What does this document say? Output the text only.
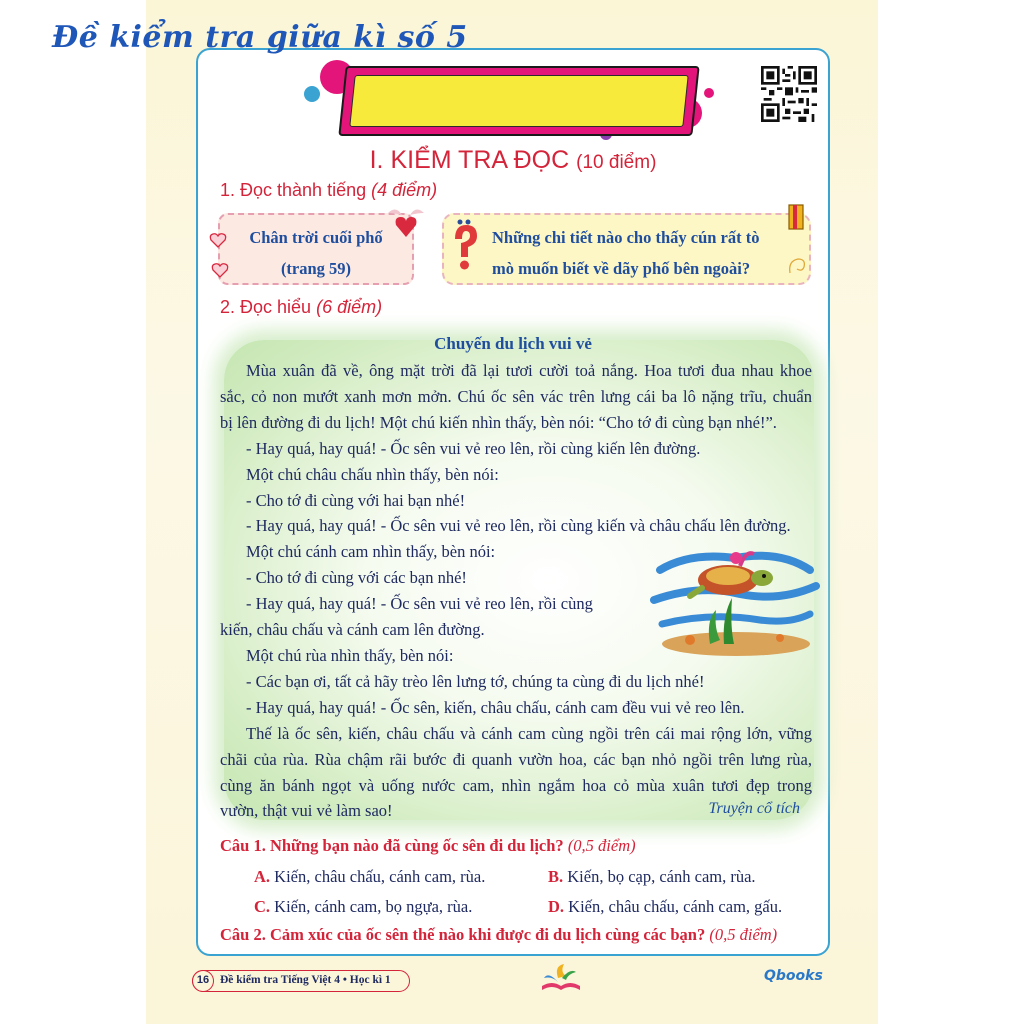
Đề kiểm tra giữa kì số 5
I. KIỂM TRA ĐỌC (10 điểm)
1. Đọc thành tiếng (4 điểm)
Chân trời cuối phố
(trang 59)
Những chi tiết nào cho thấy cún rất tò
mò muốn biết về dãy phố bên ngoài?
2. Đọc hiểu (6 điểm)
Chuyến du lịch vui vẻ

Mùa xuân đã về, ông mặt trời đã lại tươi cười toả nắng. Hoa tươi đua nhau khoe

sắc, cỏ non mướt xanh mơn mởn. Chú ốc sên vác trên lưng cái ba lô nặng trĩu, chuẩn

bị lên đường đi du lịch! Một chú kiến nhìn thấy, bèn nói: “Cho tớ đi cùng bạn nhé!”.

- Hay quá, hay quá! - Ốc sên vui vẻ reo lên, rồi cùng kiến lên đường.

Một chú châu chấu nhìn thấy, bèn nói:

- Cho tớ đi cùng với hai bạn nhé!

- Hay quá, hay quá! - Ốc sên vui vẻ reo lên, rồi cùng kiến và châu chấu lên đường.

Một chú cánh cam nhìn thấy, bèn nói:

- Cho tớ đi cùng với các bạn nhé!

- Hay quá, hay quá! - Ốc sên vui vẻ reo lên, rồi cùng

kiến, châu chấu và cánh cam lên đường.

Một chú rùa nhìn thấy, bèn nói:

- Các bạn ơi, tất cả hãy trèo lên lưng tớ, chúng ta cùng đi du lịch nhé!

- Hay quá, hay quá! - Ốc sên, kiến, châu chấu, cánh cam đều vui vẻ reo lên.

Thế là ốc sên, kiến, châu chấu và cánh cam cùng ngồi trên cái mai rộng lớn, vững

chãi của rùa. Rùa chậm rãi bước đi quanh vườn hoa, các bạn nhỏ ngồi trên lưng rùa,

cùng ăn bánh ngọt và uống nước cam, nhìn ngắm hoa cỏ mùa xuân tươi đẹp trong

vườn, thật vui vẻ làm sao!	Truyện cổ tích
Câu 1. Những bạn nào đã cùng ốc sên đi du lịch? (0,5 điểm)
A. Kiến, châu chấu, cánh cam, rùa.	B. Kiến, bọ cạp, cánh cam, rùa.
C. Kiến, cánh cam, bọ ngựa, rùa.	D. Kiến, châu chấu, cánh cam, gấu.
Câu 2. Cảm xúc của ốc sên thế nào khi được đi du lịch cùng các bạn? (0,5 điểm)
16 Đề kiểm tra Tiếng Việt 4 • Học kì 1	Qbooks
